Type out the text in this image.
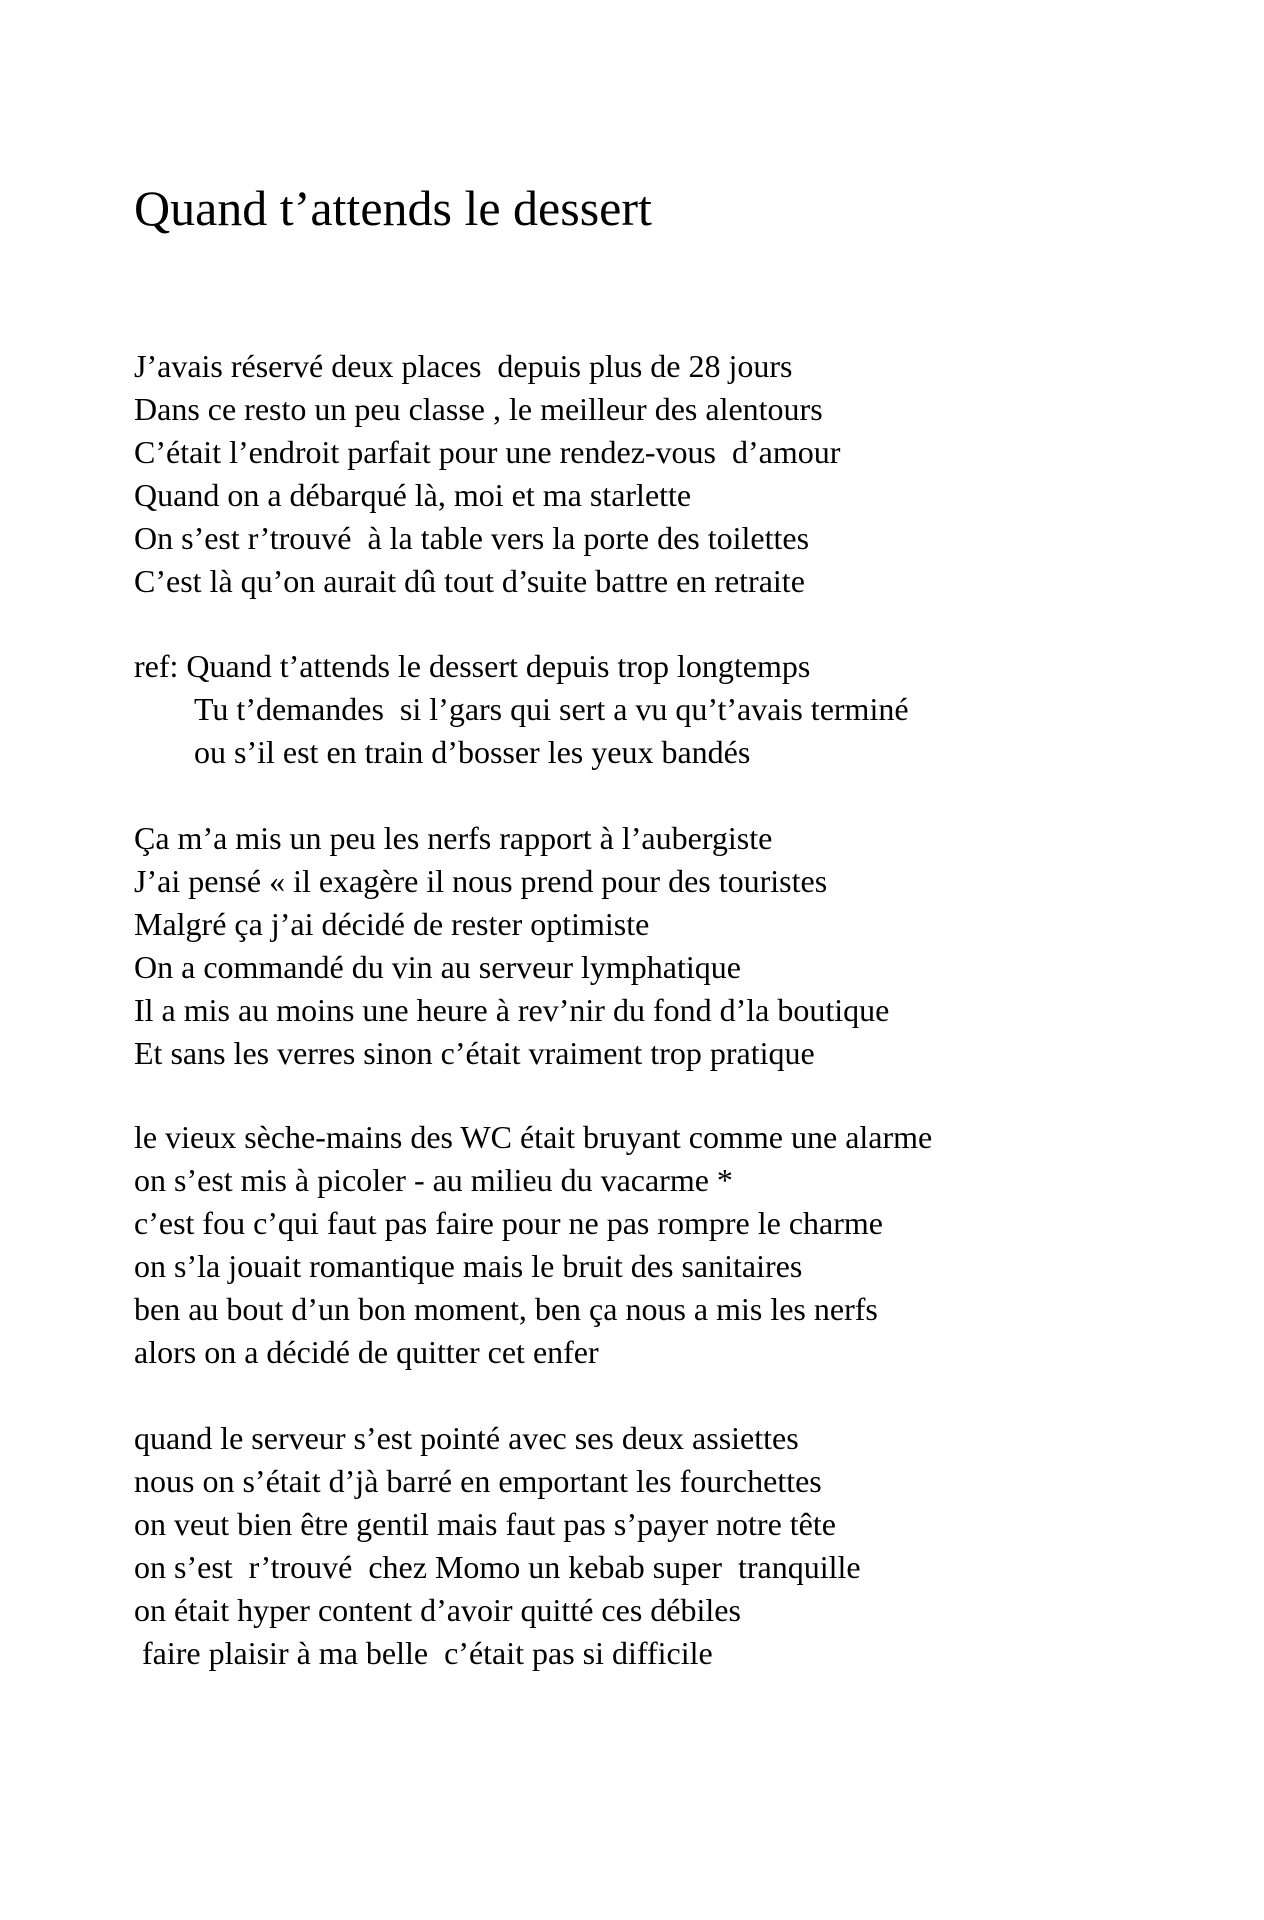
Quand t’attends le dessert
J’avais réservé deux places  depuis plus de 28 jours
Dans ce resto un peu classe , le meilleur des alentours
C’était l’endroit parfait pour une rendez-vous  d’amour
Quand on a débarqué là, moi et ma starlette
On s’est r’trouvé  à la table vers la porte des toilettes
C’est là qu’on aurait dû tout d’suite battre en retraite
ref: Quand t’attends le dessert depuis trop longtemps
Tu t’demandes  si l’gars qui sert a vu qu’t’avais terminé
ou s’il est en train d’bosser les yeux bandés
Ça m’a mis un peu les nerfs rapport à l’aubergiste
J’ai pensé « il exagère il nous prend pour des touristes
Malgré ça j’ai décidé de rester optimiste
On a commandé du vin au serveur lymphatique
Il a mis au moins une heure à rev’nir du fond d’la boutique
Et sans les verres sinon c’était vraiment trop pratique
le vieux sèche-mains des WC était bruyant comme une alarme
on s’est mis à picoler - au milieu du vacarme *
c’est fou c’qui faut pas faire pour ne pas rompre le charme
on s’la jouait romantique mais le bruit des sanitaires
ben au bout d’un bon moment, ben ça nous a mis les nerfs
alors on a décidé de quitter cet enfer
quand le serveur s’est pointé avec ses deux assiettes
nous on s’était d’jà barré en emportant les fourchettes
on veut bien être gentil mais faut pas s’payer notre tête
on s’est  r’trouvé  chez Momo un kebab super  tranquille
on était hyper content d’avoir quitté ces débiles
faire plaisir à ma belle  c’était pas si difficile
